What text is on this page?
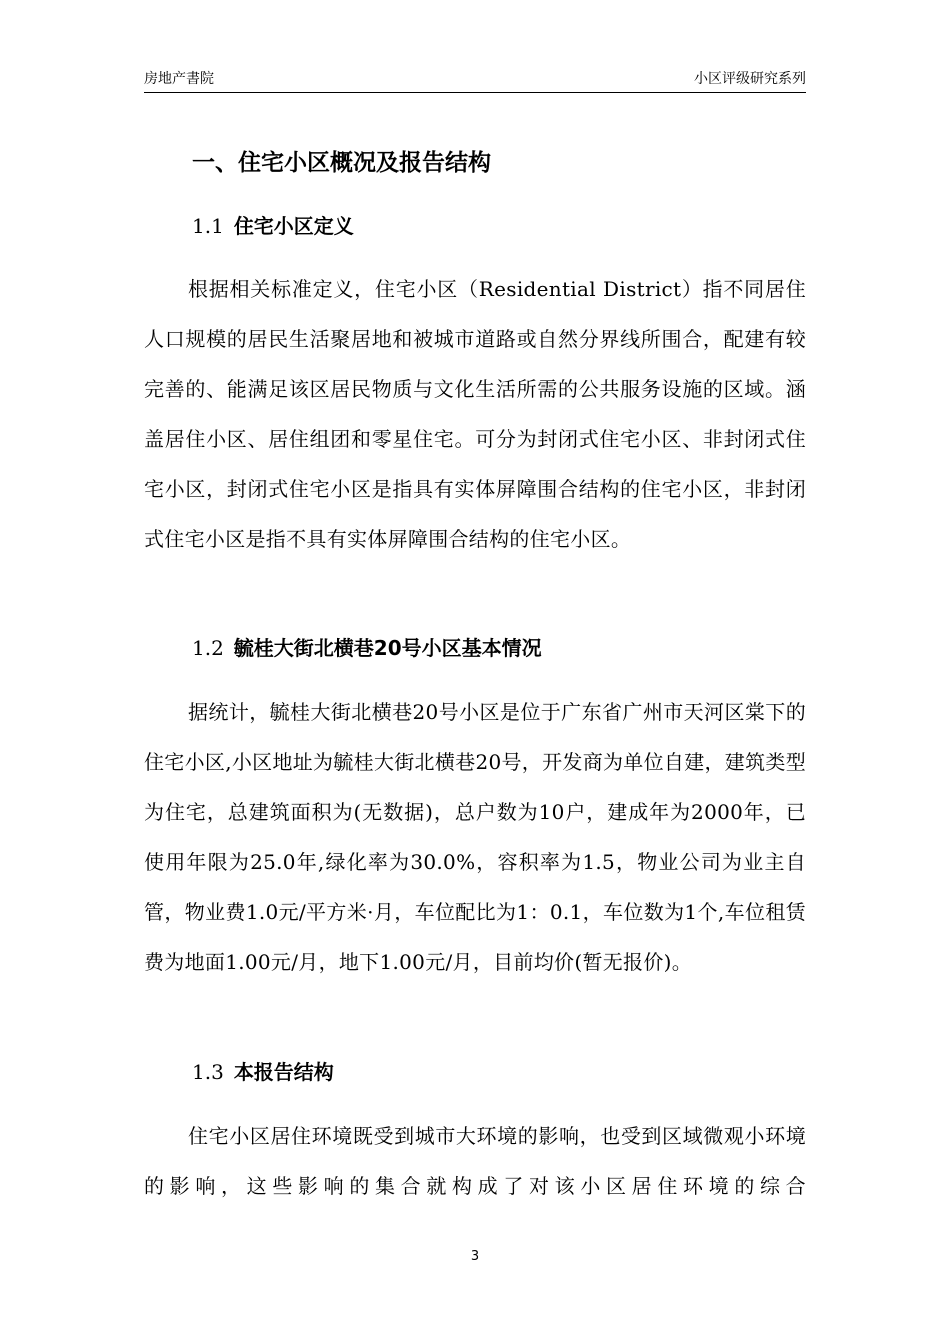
房地产書院	小区评级研究系列
一、住宅小区概况及报告结构
1.1 住宅小区定义
根据相关标准定义，住宅小区（Residential District）指不同居住人口规模的居民生活聚居地和被城市道路或自然分界线所围合，配建有较完善的、能满足该区居民物质与文化生活所需的公共服务设施的区域。涵盖居住小区、居住组团和零星住宅。可分为封闭式住宅小区、非封闭式住宅小区，封闭式住宅小区是指具有实体屏障围合结构的住宅小区，非封闭式住宅小区是指不具有实体屏障围合结构的住宅小区。
1.2 毓桂大街北横巷20号小区基本情况
据统计，毓桂大街北横巷20号小区是位于广东省广州市天河区棠下的住宅小区,小区地址为毓桂大街北横巷20号，开发商为单位自建，建筑类型为住宅，总建筑面积为(无数据)，总户数为10户，建成年为2000年，已使用年限为25.0年,绿化率为30.0%，容积率为1.5，物业公司为业主自管，物业费1.0元/平方米·月，车位配比为1：0.1，车位数为1个,车位租赁费为地面1.00元/月，地下1.00元/月，目前均价(暂无报价)。
1.3 本报告结构
住宅小区居住环境既受到城市大环境的影响，也受到区域微观小环境的影响，这些影响的集合就构成了对该小区居住环境的综合
3
